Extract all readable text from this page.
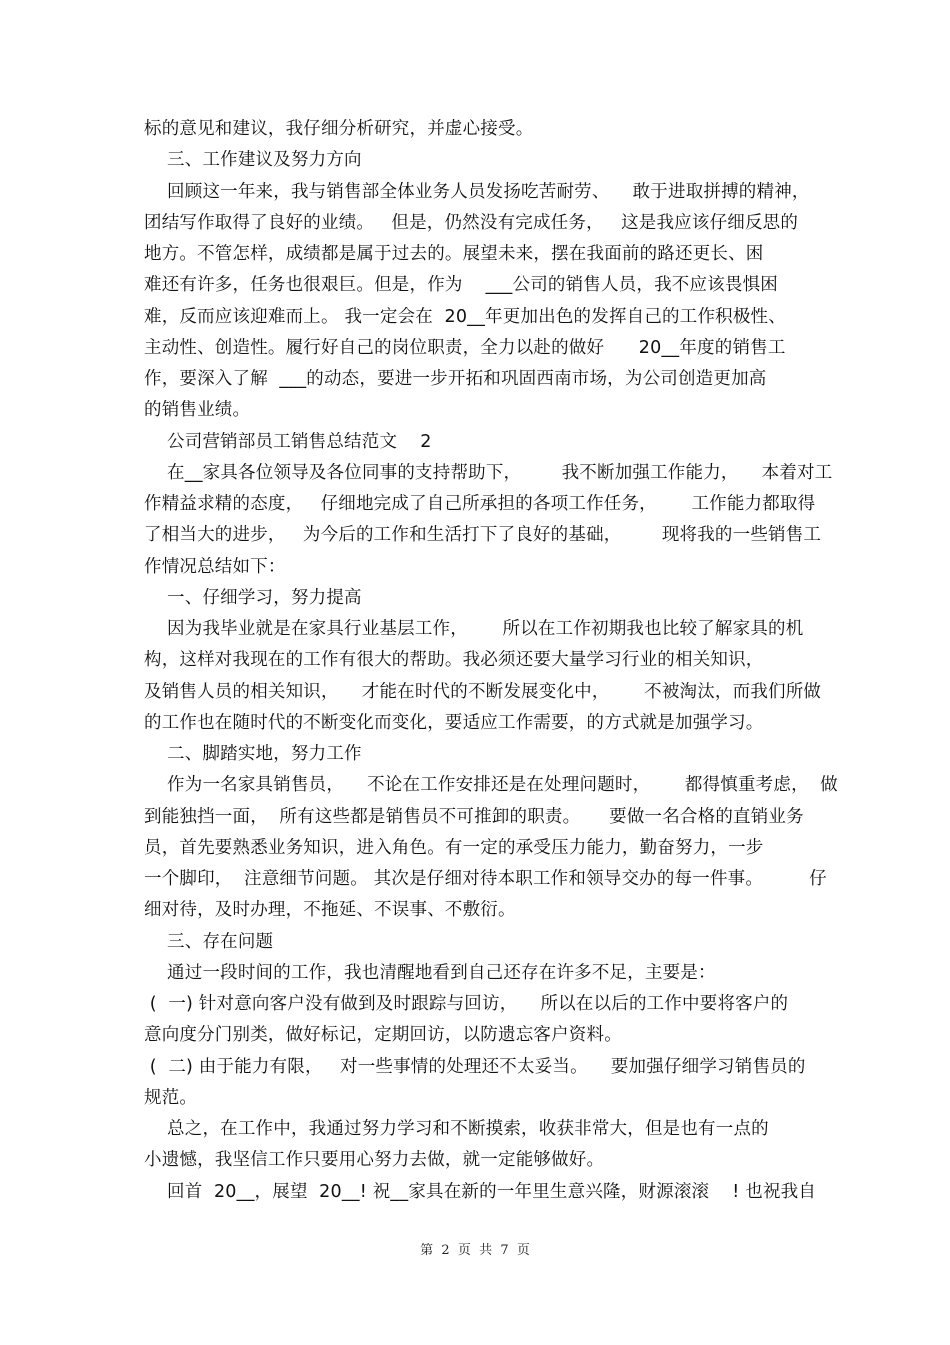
标的意见和建议，我仔细分析研究，并虚心接受。
三、工作建议及努力方向
回顾这一年来，我与销售部全体业务人员发扬吃苦耐劳、    敢于进取拼搏的精神，
团结写作取得了良好的业绩。   但是，仍然没有完成任务，   这是我应该仔细反思的
地方。不管怎样，成绩都是属于过去的。展望未来，摆在我面前的路还更长、困
难还有许多，任务也很艰巨。但是，作为    ___公司的销售人员，我不应该畏惧困
难，反而应该迎难而上。 我一定会在  20__年更加出色的发挥自己的工作积极性、
主动性、创造性。履行好自己的岗位职责，全力以赴的做好      20__年度的销售工
作，要深入了解  ___的动态，要进一步开拓和巩固西南市场，为公司创造更加高
的销售业绩。
公司营销部员工销售总结范文    2
在__家具各位领导及各位同事的支持帮助下，       我不断加强工作能力，    本着对工
作精益求精的态度，   仔细地完成了自己所承担的各项工作任务，      工作能力都取得
了相当大的进步，   为今后的工作和生活打下了良好的基础，       现将我的一些销售工
作情况总结如下：
一、仔细学习，努力提高
因为我毕业就是在家具行业基层工作，      所以在工作初期我也比较了解家具的机
构，这样对我现在的工作有很大的帮助。我必须还要大量学习行业的相关知识，
及销售人员的相关知识，    才能在时代的不断发展变化中，      不被淘汰，而我们所做
的工作也在随时代的不断变化而变化，要适应工作需要，的方式就是加强学习。
二、脚踏实地，努力工作
作为一名家具销售员，    不论在工作安排还是在处理问题时，      都得慎重考虑，  做
到能独挡一面，  所有这些都是销售员不可推卸的职责。     要做一名合格的直销业务
员，首先要熟悉业务知识，进入角色。有一定的承受压力能力，勤奋努力，一步
一个脚印，  注意细节问题。 其次是仔细对待本职工作和领导交办的每一件事。        仔
细对待，及时办理，不拖延、不误事、不敷衍。
三、存在问题
通过一段时间的工作，我也清醒地看到自己还存在许多不足，主要是：
(  一) 针对意向客户没有做到及时跟踪与回访，    所以在以后的工作中要将客户的
意向度分门别类，做好标记，定期回访，以防遗忘客户资料。
(  二) 由于能力有限，   对一些事情的处理还不太妥当。    要加强仔细学习销售员的
规范。
总之，在工作中，我通过努力学习和不断摸索，收获非常大，但是也有一点的
小遗憾，我坚信工作只要用心努力去做，就一定能够做好。
回首  20__，展望  20__! 祝__家具在新的一年里生意兴隆，财源滚滚    ! 也祝我自
第  2  页  共  7  页
